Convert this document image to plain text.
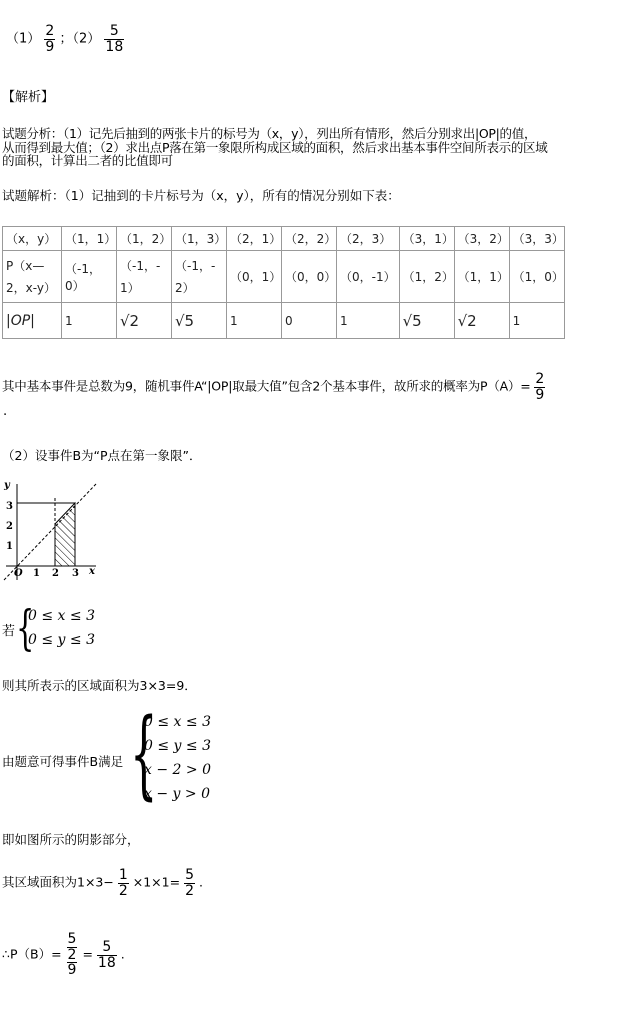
$(1) \frac{2}{9}$ ；$(2) \frac{5}{18}$
【解析】
试题分析：（1）记先后抽到的两张卡片的标号为（x，y），列出所有情形，然后分别求出|OP|的值，
从而得到最大值；（2）求出点P落在第一象限所构成区域的面积，然后求出基本事件空间所表示的区域
的面积，计算出二者的比值即可
试题解析：（1）记抽到的卡片标号为（x，y），所有的情况分别如下表：
（x，y）	（1，1）	（1，2）	（1，3）	（2，1）	（2，2）	（2，3）	（3，1）	（3，2）	（3，3）
P（x—
2，x-y）	（-1，0）	（-1，-1）	（-1，-2）	（0，1）	（0，0）	（0，-1）	（1，2）	（1，1）	（1，0）
|OP|	1	√2	√5	1	0	1	√5	√2	1
其中基本事件是总数为9，随机事件A“|OP|取最大值”包含2个基本事件，故所求的概率为$P(A)= \frac{2}{9}$
.
（2）设事件B为“P点在第一象限”．
y
x
O 1 2 3
1
2
3
若 {
0 ≤ x ≤ 3
0 ≤ y ≤ 3
则其所表示的区域面积为3×3=9．
由题意可得事件B满足 {
0 ≤ x ≤ 3
0 ≤ y ≤ 3
x − 2 > 0
x − y > 0
即如图所示的阴影部分，
其区域面积为$1\times 3- \frac{1}{2} \times 1\times 1= \frac{5}{2}$ .
∴P（B）= $\frac{\frac{5}{2}}{9} = \frac{5}{18}$ .
